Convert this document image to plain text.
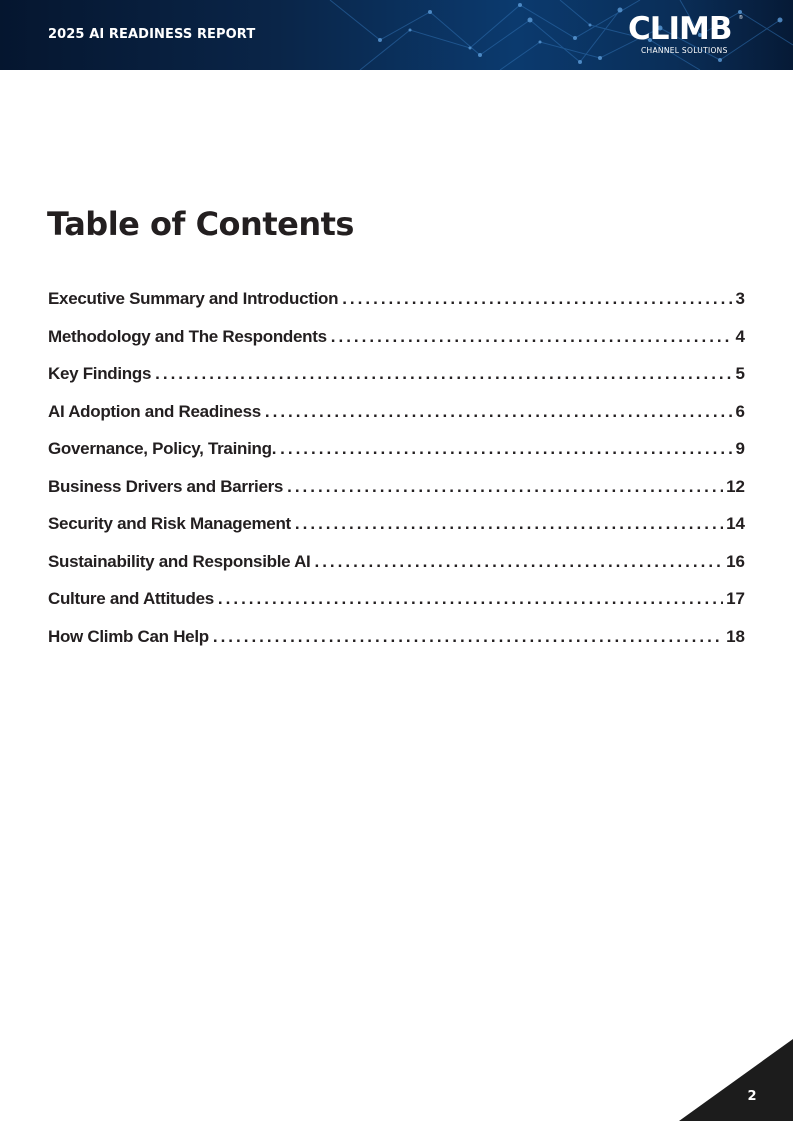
2025 AI READINESS REPORT	CLIMB ®
CHANNEL SOLUTIONS
Table of Contents
Executive Summary and Introduction .....	3
Methodology and The Respondents .....	4
Key Findings .....	5
AI Adoption and Readiness .....	6
Governance, Policy, Training. .....	9
Business Drivers and Barriers .....	12
Security and Risk Management .....	14
Sustainability and Responsible AI .....	16
Culture and Attitudes .....	17
How Climb Can Help .....	18
2
